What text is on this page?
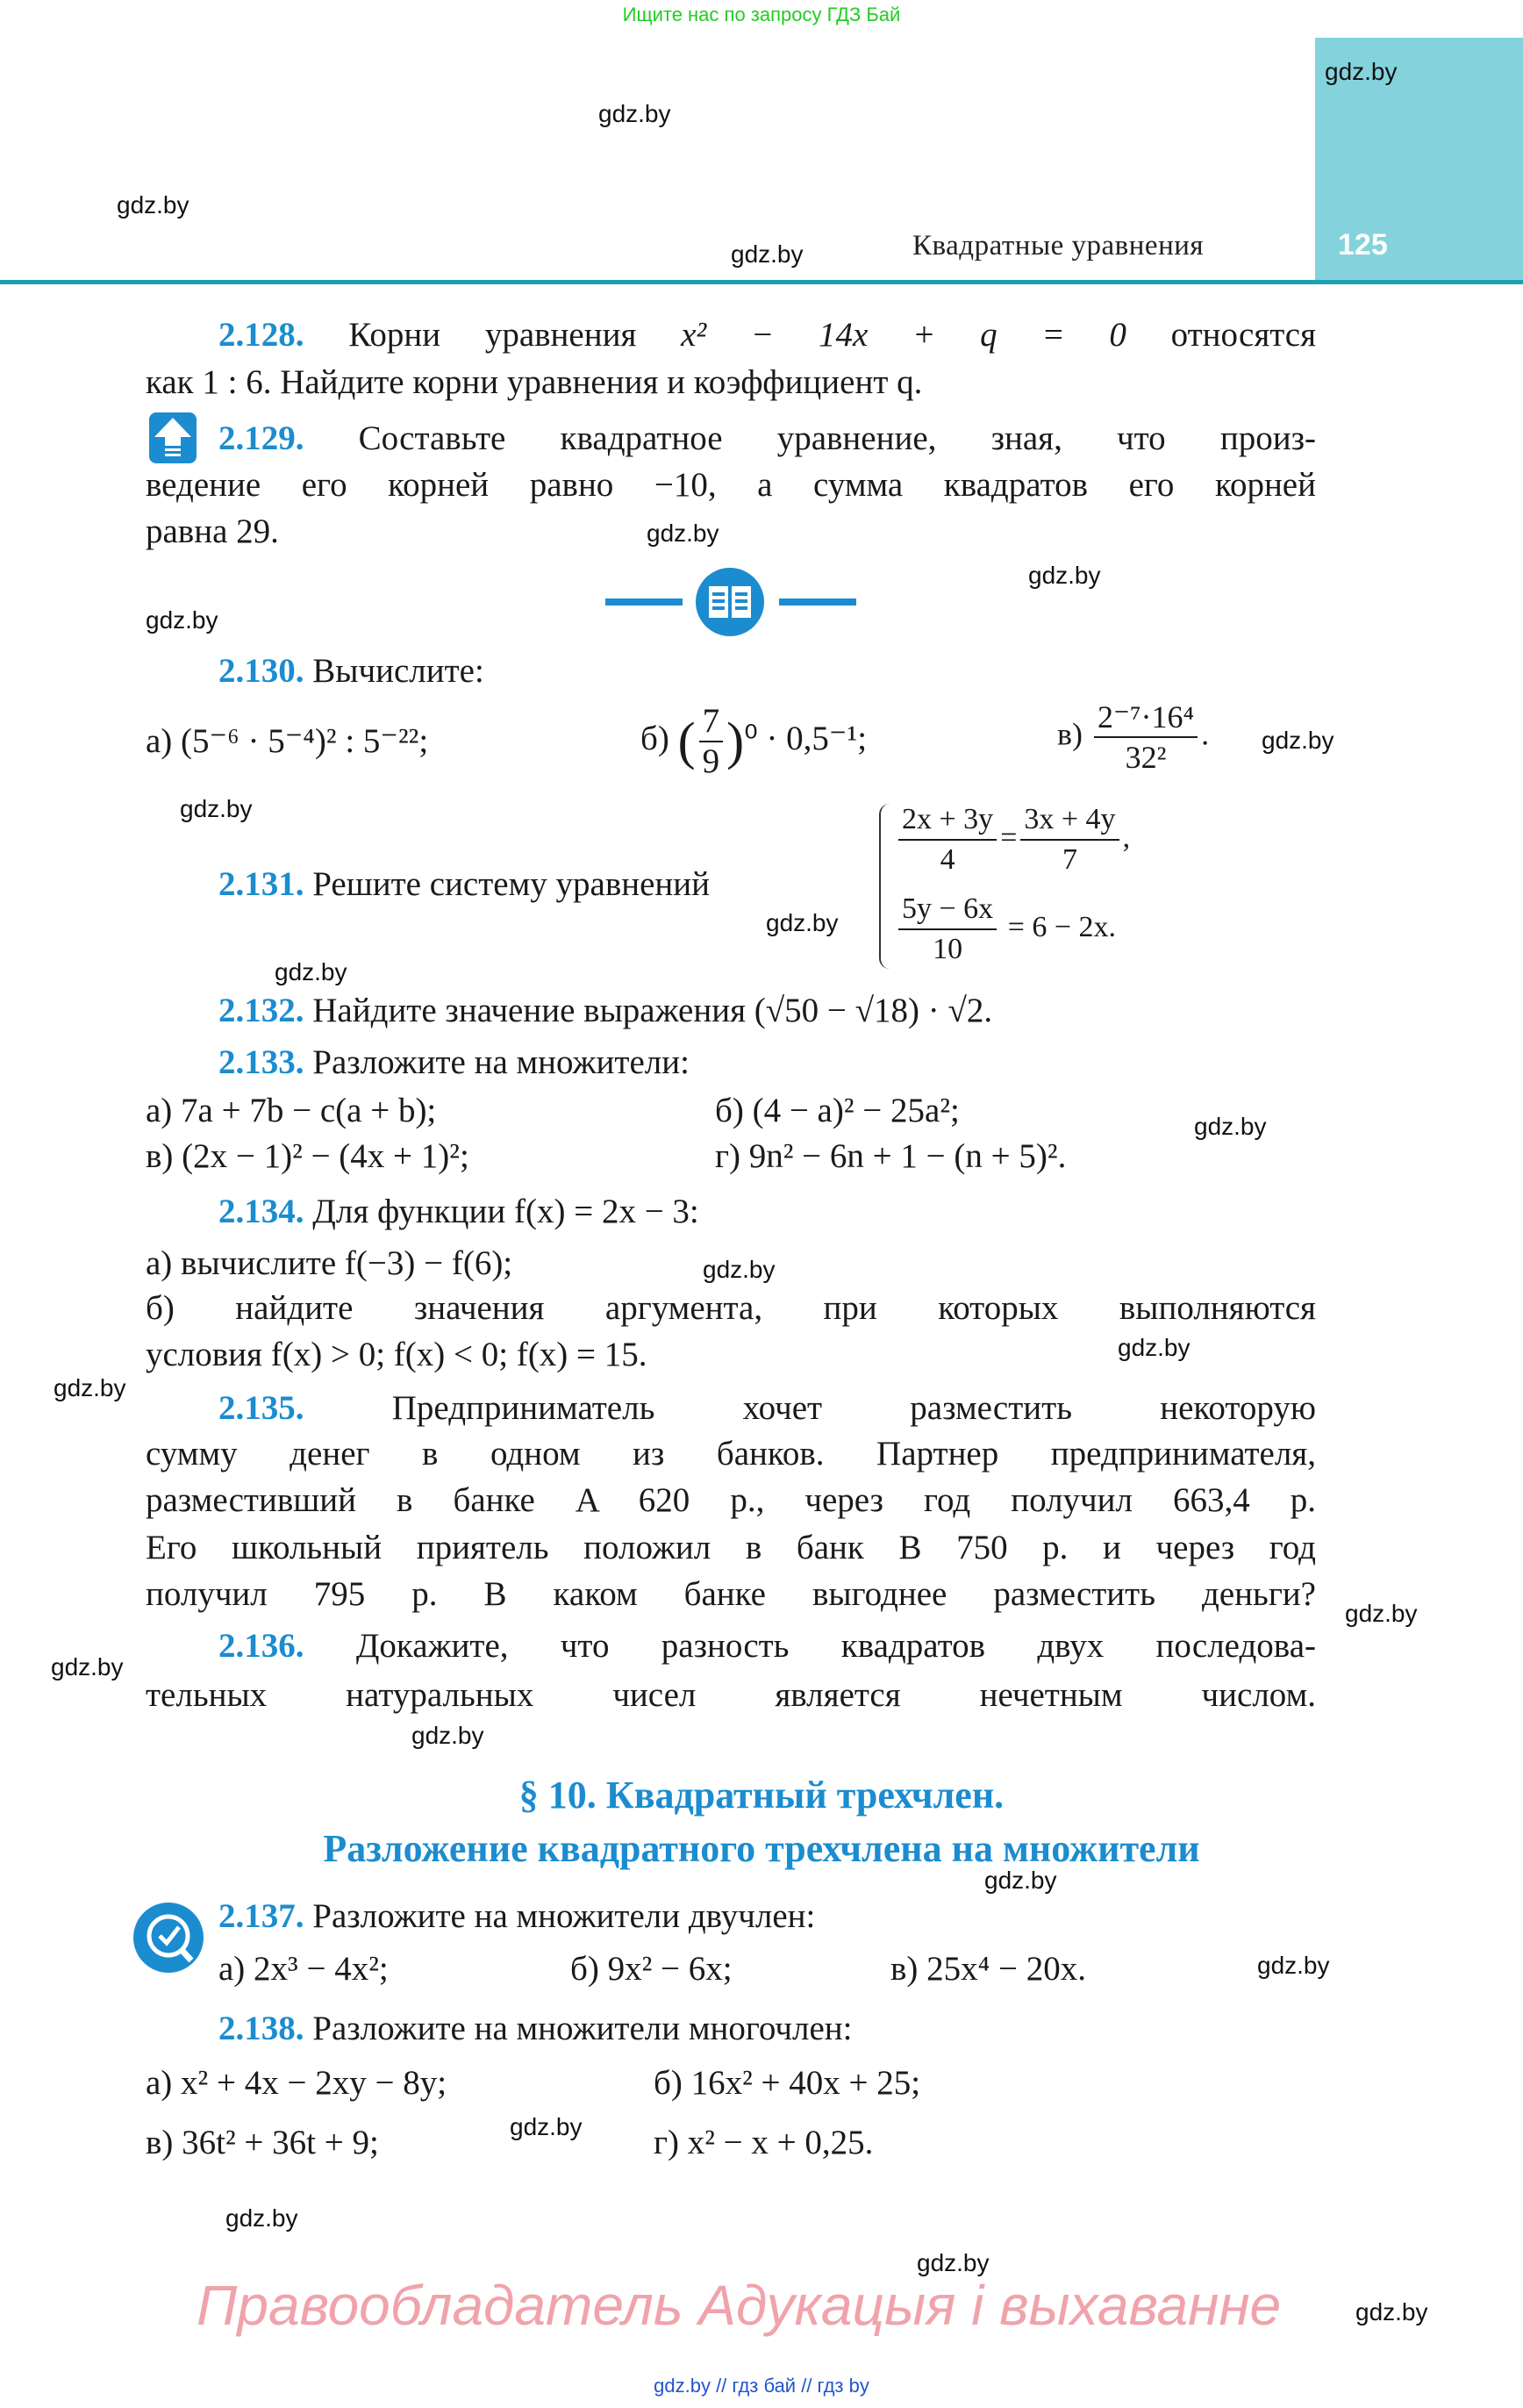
Ищите нас по запросу ГДЗ Бай
Квадратные уравнения	125
2.128. Корни уравнения x² − 14x + q = 0 относятся
как 1 : 6. Найдите корни уравнения и коэффициент q.
2.129. Составьте квадратное уравнение, зная, что произ-
ведение его корней равно −10, а сумма квадратов его корней
равна 29.
2.130. Вычислите:
а) (5⁻⁶ · 5⁻⁴)² : 5⁻²²;	б) ( $\frac{7}{9} )^0 \cdot 0,5^{-1}$;	$в) \frac{\text{2⁻⁷·16⁴}}{\text{32²}}$ .
2.131. Решите систему уравнений
$\frac{2x + 3y}{4} = \frac{3x + 4y}{7}$ ,
$\frac{5y - 6x}{10} = 6 - 2x$.
2.132. Найдите значение выражения (√50 − √18) · √2.
2.133. Разложите на множители:
а) 7a + 7b − c(a + b);	б) (4 − a)² − 25a²;
в) (2x − 1)² − (4x + 1)²;	г) 9n² − 6n + 1 − (n + 5)².
2.134. Для функции f(x) = 2x − 3:
а) вычислите f(−3) − f(6);
б) найдите значения аргумента, при которых выполняются
условия f(x) > 0; f(x) < 0; f(x) = 15.
2.135.	Предприниматель хочет разместить некоторую
сумму денег в одном из банков. Партнер предпринимателя,
разместивший в банке A 620 р., через год получил 663,4 р.
Его школьный приятель положил в банк B 750 р. и через год
получил 795 р. В каком банке выгоднее разместить деньги?
2.136. Докажите, что разность квадратов двух последова-
тельных натуральных чисел является нечетным числом.
§ 10. Квадратный трехчлен.
Разложение квадратного трехчлена на множители
2.137. Разложите на множители двучлен:
а) 2x³ − 4x²;	б) 9x² − 6x;	в) 25x⁴ − 20x.
2.138. Разложите на множители многочлен:
а) x² + 4x − 2xy − 8y;	б) 16x² + 40x + 25;
в) 36t² + 36t + 9;	г) x² − x + 0,25.
Правообладатель Адукацыя і выхаванне
gdz.by // гдз бай // гдз by
gdz.by
gdz.by
gdz.by
gdz.by
gdz.by
gdz.by
gdz.by
gdz.by
gdz.by
gdz.by
gdz.by
gdz.by
gdz.by
gdz.by
gdz.by
gdz.by
gdz.by
gdz.by
gdz.by
gdz.by
gdz.by
gdz.by
gdz.by
gdz.by
